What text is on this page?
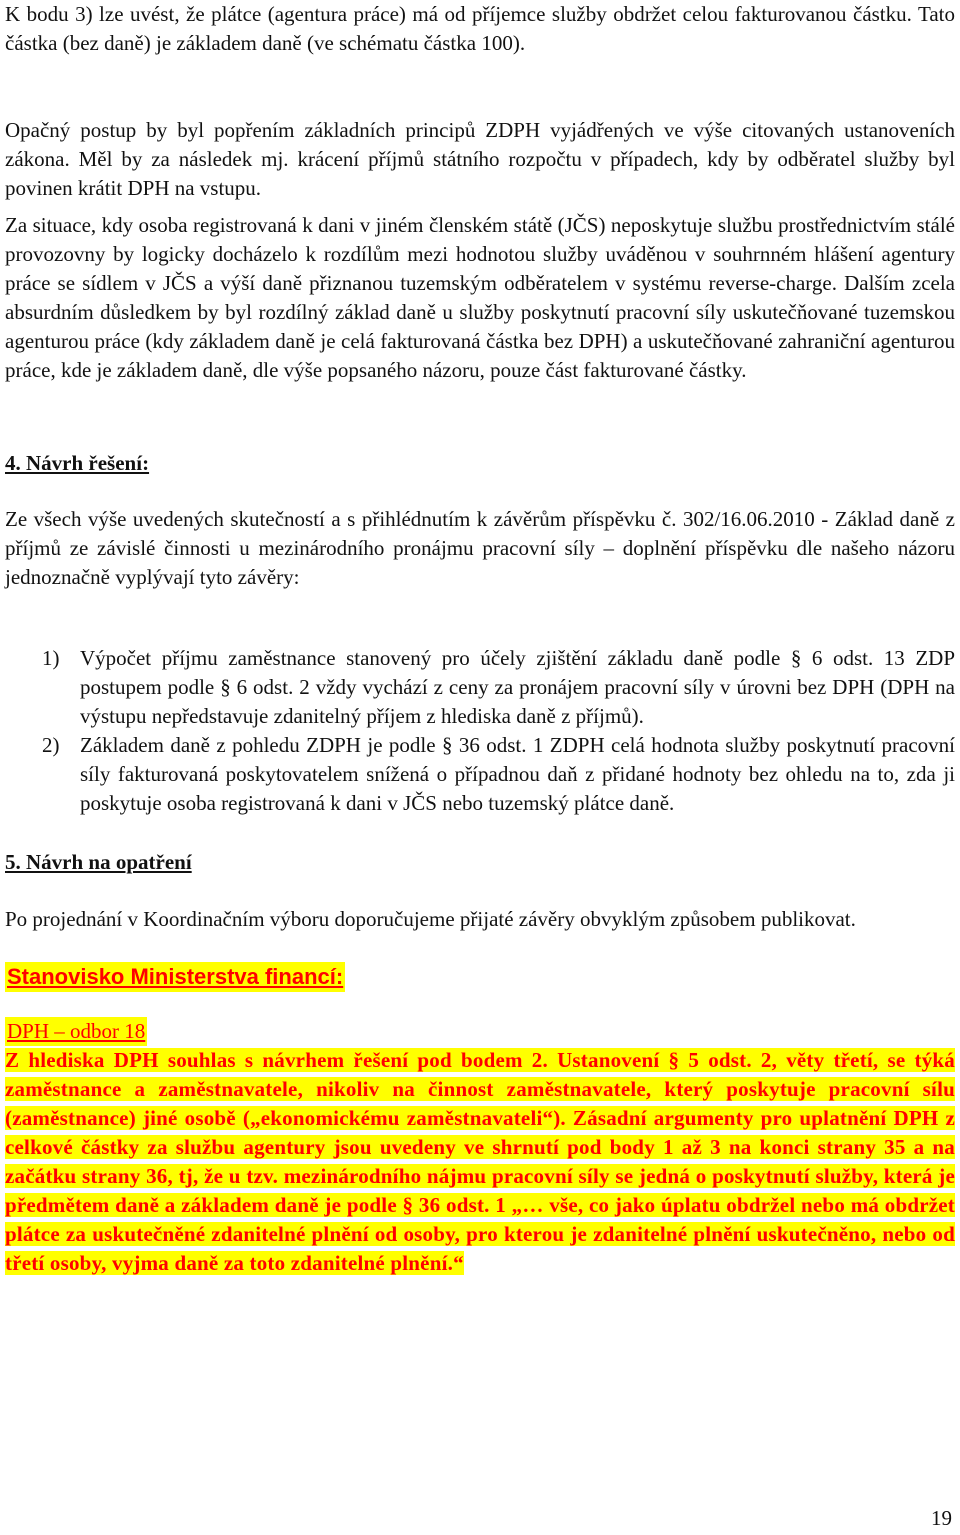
K bodu 3) lze uvést, že plátce (agentura práce) má od příjemce služby obdržet celou fakturovanou částku. Tato částka (bez daně) je základem daně (ve schématu částka 100).

Opačný postup by byl popřením základních principů ZDPH vyjádřených ve výše citovaných ustanoveních zákona. Měl by za následek mj. krácení příjmů státního rozpočtu v případech, kdy by odběratel služby byl povinen krátit DPH na vstupu.

Za situace, kdy osoba registrovaná k dani v jiném členském státě (JČS) neposkytuje službu prostřednictvím stálé provozovny by logicky docházelo k rozdílům mezi hodnotou služby uváděnou v souhrnném hlášení agentury práce se sídlem v JČS a výší daně přiznanou tuzemským odběratelem v systému reverse-charge. Dalším zcela absurdním důsledkem by byl rozdílný základ daně u služby poskytnutí pracovní síly uskutečňované tuzemskou agenturou práce (kdy základem daně je celá fakturovaná částka bez DPH) a uskutečňované zahraniční agenturou práce, kde je základem daně, dle výše popsaného názoru, pouze část fakturované částky.

4. Návrh řešení:

Ze všech výše uvedených skutečností a s přihlédnutím k závěrům příspěvku č. 302/16.06.2010 - Základ daně z příjmů ze závislé činnosti u mezinárodního pronájmu pracovní síly – doplnění příspěvku dle našeho názoru jednoznačně vyplývají tyto závěry:

1) Výpočet příjmu zaměstnance stanovený pro účely zjištění základu daně podle § 6 odst. 13 ZDP postupem podle § 6 odst. 2 vždy vychází z ceny za pronájem pracovní síly v úrovni bez DPH (DPH na výstupu nepředstavuje zdanitelný příjem z hlediska daně z příjmů).
2) Základem daně z pohledu ZDPH je podle § 36 odst. 1 ZDPH celá hodnota služby poskytnutí pracovní síly fakturovaná poskytovatelem snížená o případnou daň z přidané hodnoty bez ohledu na to, zda ji poskytuje osoba registrovaná k dani v JČS nebo tuzemský plátce daně.

5. Návrh na opatření

Po projednání v Koordinačním výboru doporučujeme přijaté závěry obvyklým způsobem publikovat.

Stanovisko Ministerstva financí:
DPH – odbor 18

Z hlediska DPH souhlas s návrhem řešení pod bodem 2. Ustanovení § 5 odst. 2, věty třetí, se týká zaměstnance a zaměstnavatele, nikoliv na činnost zaměstnavatele, který poskytuje pracovní sílu (zaměstnance) jiné osobě („ekonomickému zaměstnavateli“). Zásadní argumenty pro uplatnění DPH z celkové částky za službu agentury jsou uvedeny ve shrnutí pod body 1 až 3 na konci strany 35 a na začátku strany 36, tj, že u tzv. mezinárodního nájmu pracovní síly se jedná o poskytnutí služby, která je předmětem daně a základem daně je podle § 36 odst. 1 „… vše, co jako úplatu obdržel nebo má obdržet plátce za uskutečněné zdanitelné plnění od osoby, pro kterou je zdanitelné plnění uskutečněno, nebo od třetí osoby, vyjma daně za toto zdanitelné plnění.“

19
